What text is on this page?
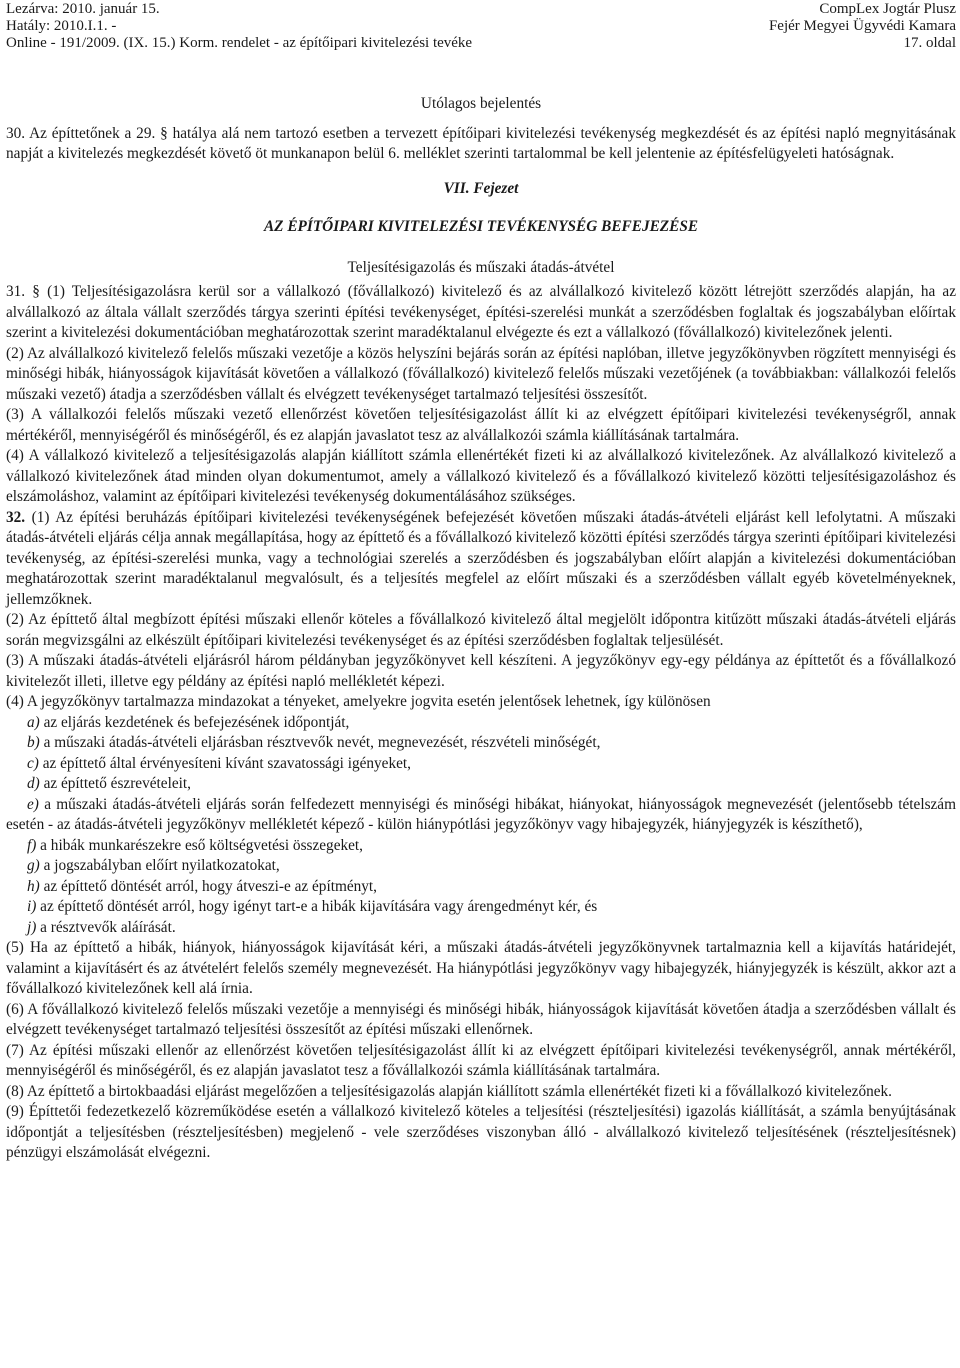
Lezárva: 2010. január 15.
Hatály: 2010.I.1. -
Online - 191/2009. (IX. 15.) Korm. rendelet - az építőipari kivitelezési tevéke
CompLex Jogtár Plusz
Fejér Megyei Ügyvédi Kamara
17. oldal

Utólagos bejelentés

30. Az építtetőnek a 29. § hatálya alá nem tartozó esetben a tervezett építőipari kivitelezési tevékenység megkezdését és az építési napló megnyitásának napját a kivitelezés megkezdését követő öt munkanapon belül 6. melléklet szerinti tartalommal be kell jelentenie az építésfelügyeleti hatóságnak.

VII. Fejezet

AZ ÉPÍTŐIPARI KIVITELEZÉSI TEVÉKENYSÉG BEFEJEZÉSE

Teljesítésigazolás és műszaki átadás-átvétel

31. § (1) Teljesítésigazolásra kerül sor a vállalkozó (fővállalkozó) kivitelező és az alvállalkozó kivitelező között létrejött szerződés alapján, ha az alvállalkozó az általa vállalt szerződés tárgya szerinti építési tevékenységet, építési-szerelési munkát a szerződésben foglaltak és jogszabályban előírtak szerint a kivitelezési dokumentációban meghatározottak szerint maradéktalanul elvégezte és ezt a vállalkozó (fővállalkozó) kivitelezőnek jelenti.

(2) Az alvállalkozó kivitelező felelős műszaki vezetője a közös helyszíni bejárás során az építési naplóban, illetve jegyzőkönyvben rögzített mennyiségi és minőségi hibák, hiányosságok kijavítását követően a vállalkozó (fővállalkozó) kivitelező felelős műszaki vezetőjének (a továbbiakban: vállalkozói felelős műszaki vezető) átadja a szerződésben vállalt és elvégzett tevékenységet tartalmazó teljesítési összesítőt.

(3) A vállalkozói felelős műszaki vezető ellenőrzést követően teljesítésigazolást állít ki az elvégzett építőipari kivitelezési tevékenységről, annak mértékéről, mennyiségéről és minőségéről, és ez alapján javaslatot tesz az alvállalkozói számla kiállításának tartalmára.

(4) A vállalkozó kivitelező a teljesítésigazolás alapján kiállított számla ellenértékét fizeti ki az alvállalkozó kivitelezőnek. Az alvállalkozó kivitelező a vállalkozó kivitelezőnek átad minden olyan dokumentumot, amely a vállalkozó kivitelező és a fővállalkozó kivitelező közötti teljesítésigazoláshoz és elszámoláshoz, valamint az építőipari kivitelezési tevékenység dokumentálásához szükséges.

32. (1) Az építési beruházás építőipari kivitelezési tevékenységének befejezését követően műszaki átadás-átvételi eljárást kell lefolytatni. A műszaki átadás-átvételi eljárás célja annak megállapítása, hogy az építtető és a fővállalkozó kivitelező közötti építési szerződés tárgya szerinti építőipari kivitelezési tevékenység, az építési-szerelési munka, vagy a technológiai szerelés a szerződésben és jogszabályban előírt alapján a kivitelezési dokumentációban meghatározottak szerint maradéktalanul megvalósult, és a teljesítés megfelel az előírt műszaki és a szerződésben vállalt egyéb követelményeknek, jellemzőknek.

(2) Az építtető által megbízott építési műszaki ellenőr köteles a fővállalkozó kivitelező által megjelölt időpontra kitűzött műszaki átadás-átvételi eljárás során megvizsgálni az elkészült építőipari kivitelezési tevékenységet és az építési szerződésben foglaltak teljesülését.

(3) A műszaki átadás-átvételi eljárásról három példányban jegyzőkönyvet kell készíteni. A jegyzőkönyv egy-egy példánya az építtetőt és a fővállalkozó kivitelezőt illeti, illetve egy példány az építési napló mellékletét képezi.

(4) A jegyzőkönyv tartalmazza mindazokat a tényeket, amelyekre jogvita esetén jelentősek lehetnek, így különösen

a) az eljárás kezdetének és befejezésének időpontját,

b) a műszaki átadás-átvételi eljárásban résztvevők nevét, megnevezését, részvételi minőségét,

c) az építtető által érvényesíteni kívánt szavatossági igényeket,

d) az építtető észrevételeit,

e) a műszaki átadás-átvételi eljárás során felfedezett mennyiségi és minőségi hibákat, hiányokat, hiányosságok megnevezését (jelentősebb tételszám esetén - az átadás-átvételi jegyzőkönyv mellékletét képező - külön hiánypótlási jegyzőkönyv vagy hibajegyzék, hiányjegyzék is készíthető),

f) a hibák munkarészekre eső költségvetési összegeket,

g) a jogszabályban előírt nyilatkozatokat,

h) az építtető döntését arról, hogy átveszi-e az építményt,

i) az építtető döntését arról, hogy igényt tart-e a hibák kijavítására vagy árengedményt kér, és

j) a résztvevők aláírását.

(5) Ha az építtető a hibák, hiányok, hiányosságok kijavítását kéri, a műszaki átadás-átvételi jegyzőkönyvnek tartalmaznia kell a kijavítás határidejét, valamint a kijavításért és az átvételért felelős személy megnevezését. Ha hiánypótlási jegyzőkönyv vagy hibajegyzék, hiányjegyzék is készült, akkor azt a fővállalkozó kivitelezőnek kell alá írnia.

(6) A fővállalkozó kivitelező felelős műszaki vezetője a mennyiségi és minőségi hibák, hiányosságok kijavítását követően átadja a szerződésben vállalt és elvégzett tevékenységet tartalmazó teljesítési összesítőt az építési műszaki ellenőrnek.

(7) Az építési műszaki ellenőr az ellenőrzést követően teljesítésigazolást állít ki az elvégzett építőipari kivitelezési tevékenységről, annak mértékéről, mennyiségéről és minőségéről, és ez alapján javaslatot tesz a fővállalkozói számla kiállításának tartalmára.

(8) Az építtető a birtokbaadási eljárást megelőzően a teljesítésigazolás alapján kiállított számla ellenértékét fizeti ki a fővállalkozó kivitelezőnek.

(9) Építtetői fedezetkezelő közreműködése esetén a vállalkozó kivitelező köteles a teljesítési (részteljesítési) igazolás kiállítását, a számla benyújtásának időpontját a teljesítésben (részteljesítésben) megjelenő - vele szerződéses viszonyban álló - alvállalkozó kivitelező teljesítésének (részteljesítésnek) pénzügyi elszámolását elvégezni.
